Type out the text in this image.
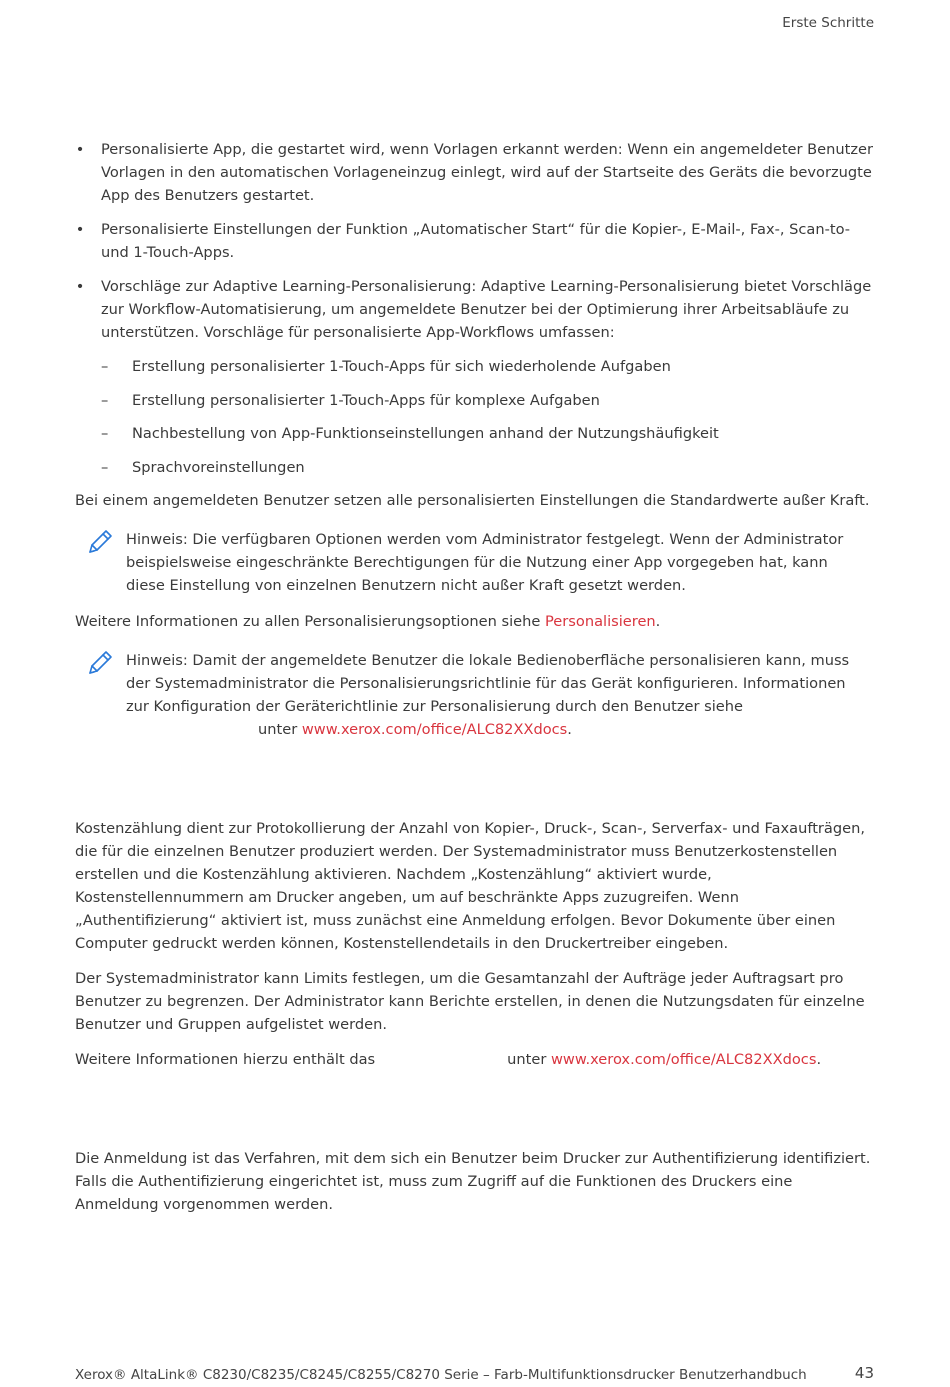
Erste Schritte
• Personalisierte App, die gestartet wird, wenn Vorlagen erkannt werden: Wenn ein angemeldeter Benutzer Vorlagen in den automatischen Vorlageneinzug einlegt, wird auf der Startseite des Geräts die bevorzugte App des Benutzers gestartet.
• Personalisierte Einstellungen der Funktion „Automatischer Start“ für die Kopier-, E-Mail-, Fax-, Scan-to- und 1-Touch-Apps.
• Vorschläge zur Adaptive Learning-Personalisierung: Adaptive Learning-Personalisierung bietet Vorschläge zur Workflow-Automatisierung, um angemeldete Benutzer bei der Optimierung ihrer Arbeitsabläufe zu unterstützen. Vorschläge für personalisierte App-Workflows umfassen:
– Erstellung personalisierter 1-Touch-Apps für sich wiederholende Aufgaben
– Erstellung personalisierter 1-Touch-Apps für komplexe Aufgaben
– Nachbestellung von App-Funktionseinstellungen anhand der Nutzungshäufigkeit
– Sprachvoreinstellungen

Bei einem angemeldeten Benutzer setzen alle personalisierten Einstellungen die Standardwerte außer Kraft.

Hinweis: Die verfügbaren Optionen werden vom Administrator festgelegt. Wenn der Administrator beispielsweise eingeschränkte Berechtigungen für die Nutzung einer App vorgegeben hat, kann diese Einstellung von einzelnen Benutzern nicht außer Kraft gesetzt werden.

Weitere Informationen zu allen Personalisierungsoptionen siehe Personalisieren.

Hinweis: Damit der angemeldete Benutzer die lokale Bedienoberfläche personalisieren kann, muss der Systemadministrator die Personalisierungsrichtlinie für das Gerät konfigurieren. Informationen zur Konfiguration der Geräterichtlinie zur Personalisierung durch den Benutzer sieheunter www.xerox.com/office/ALC82XXdocs.

Kostenzählung dient zur Protokollierung der Anzahl von Kopier-, Druck-, Scan-, Serverfax- und Faxaufträgen, die für die einzelnen Benutzer produziert werden. Der Systemadministrator muss Benutzerkostenstellen erstellen und die Kostenzählung aktivieren. Nachdem „Kostenzählung“ aktiviert wurde, Kostenstellennummern am Drucker angeben, um auf beschränkte Apps zuzugreifen. Wenn „Authentifizierung“ aktiviert ist, muss zunächst eine Anmeldung erfolgen. Bevor Dokumente über einen Computer gedruckt werden können, Kostenstellendetails in den Druckertreiber eingeben.

Der Systemadministrator kann Limits festlegen, um die Gesamtanzahl der Aufträge jeder Auftragsart pro Benutzer zu begrenzen. Der Administrator kann Berichte erstellen, in denen die Nutzungsdaten für einzelne Benutzer und Gruppen aufgelistet werden.

Weitere Informationen hierzu enthält das	unter www.xerox.com/office/ALC82XXdocs.

Die Anmeldung ist das Verfahren, mit dem sich ein Benutzer beim Drucker zur Authentifizierung identifiziert. Falls die Authentifizierung eingerichtet ist, muss zum Zugriff auf die Funktionen des Druckers eine Anmeldung vorgenommen werden.

Xerox® AltaLink® C8230/C8235/C8245/C8255/C8270 Serie – Farb-Multifunktionsdrucker Benutzerhandbuch	43
